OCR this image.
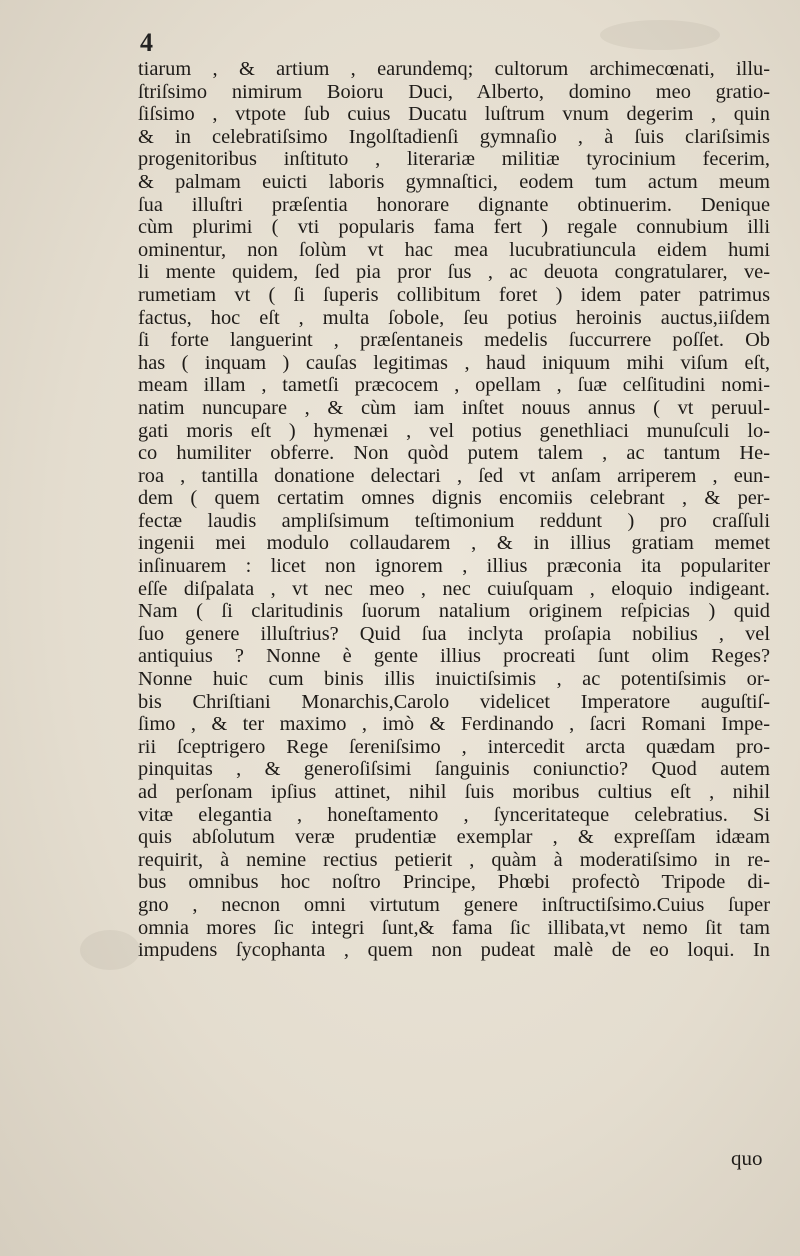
4
tiarum , & artium , earundemq; cultorum archimecœnati, illu-
ſtriſsimo nimirum Boioru Duci, Alberto, domino meo gratio-
ſiſsimo , vtpote ſub cuius Ducatu luſtrum vnum degerim , quin
& in celebratiſsimo Ingolſtadienſi gymnaſio , à ſuis clariſsimis
progenitoribus inſtituto , literariæ militiæ tyrocinium fecerim,
& palmam euicti laboris gymnaſtici, eodem tum actum meum
ſua illuſtri præſentia honorare dignante obtinuerim. Denique
cùm plurimi ( vti popularis fama fert ) regale connubium illi
ominentur, non ſolùm vt hac mea lucubratiuncula eidem humi
li mente quidem, ſed pia pror ſus , ac deuota congratularer, ve-
rumetiam vt ( ſi ſuperis collibitum foret ) idem pater patrimus
factus, hoc eſt , multa ſobole, ſeu potius heroinis auctus,iiſdem
ſi forte languerint , præſentaneis medelis ſuccurrere poſſet. Ob
has ( inquam ) cauſas legitimas , haud iniquum mihi viſum eſt,
meam illam , tametſi præcocem , opellam , ſuæ celſitudini nomi-
natim nuncupare , & cùm iam inſtet nouus annus ( vt peruul-
gati moris eſt ) hymenæi , vel potius genethliaci munuſculi lo-
co humiliter obferre. Non quòd putem talem , ac tantum He-
roa , tantilla donatione delectari , ſed vt anſam arriperem , eun-
dem ( quem certatim omnes dignis encomiis celebrant , & per-
fectæ laudis ampliſsimum teſtimonium reddunt ) pro craſſuli
ingenii mei modulo collaudarem , & in illius gratiam memet
inſinuarem : licet non ignorem , illius præconia ita populariter
eſſe diſpalata , vt nec meo , nec cuiuſquam , eloquio indigeant.
Nam ( ſi claritudinis ſuorum natalium originem reſpicias ) quid
ſuo genere illuſtrius? Quid ſua inclyta proſapia nobilius , vel
antiquius ? Nonne è gente illius procreati ſunt olim Reges?
Nonne huic cum binis illis inuictiſsimis , ac potentiſsimis or-
bis Chriſtiani Monarchis,Carolo videlicet Imperatore auguſtiſ-
ſimo , & ter maximo , imò & Ferdinando , ſacri Romani Impe-
rii ſceptrigero Rege ſereniſsimo , intercedit arcta quædam pro-
pinquitas , & generoſiſsimi ſanguinis coniunctio? Quod autem
ad perſonam ipſius attinet, nihil ſuis moribus cultius eſt , nihil
vitæ elegantia , honeſtamento , ſynceritateque celebratius. Si
quis abſolutum veræ prudentiæ exemplar , & expreſſam idæam
requirit, à nemine rectius petierit , quàm à moderatiſsimo in re-
bus omnibus hoc noſtro Principe, Phœbi profectò Tripode di-
gno , necnon omni virtutum genere inſtructiſsimo.Cuius ſuper
omnia mores ſic integri ſunt,& fama ſic illibata,vt nemo ſit tam
impudens ſycophanta , quem non pudeat malè de eo loqui. In
quo
